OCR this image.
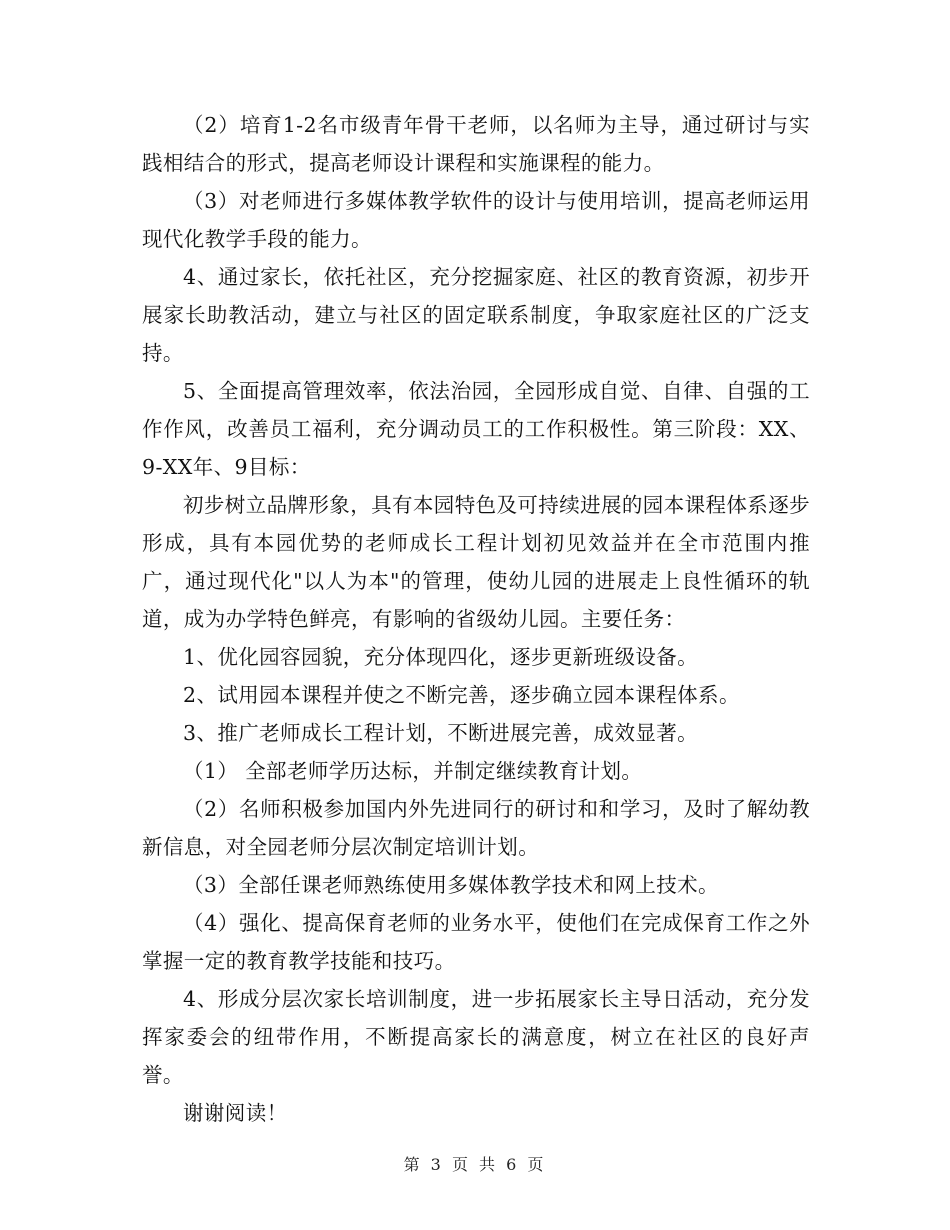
（2）培育1-2名市级青年骨干老师，以名师为主导，通过研讨与实践相结合的形式，提高老师设计课程和实施课程的能力。

（3）对老师进行多媒体教学软件的设计与使用培训，提高老师运用现代化教学手段的能力。

4、通过家长，依托社区，充分挖掘家庭、社区的教育资源，初步开展家长助教活动，建立与社区的固定联系制度，争取家庭社区的广泛支持。

5、全面提高管理效率，依法治园，全园形成自觉、自律、自强的工作作风，改善员工福利，充分调动员工的工作积极性。第三阶段：XX、9-XX年、9目标：

初步树立品牌形象，具有本园特色及可持续进展的园本课程体系逐步形成，具有本园优势的老师成长工程计划初见效益并在全市范围内推广，通过现代化"以人为本"的管理，使幼儿园的进展走上良性循环的轨道，成为办学特色鲜亮，有影响的省级幼儿园。主要任务：

1、优化园容园貌，充分体现四化，逐步更新班级设备。

2、试用园本课程并使之不断完善，逐步确立园本课程体系。

3、推广老师成长工程计划，不断进展完善，成效显著。

（1） 全部老师学历达标，并制定继续教育计划。

（2）名师积极参加国内外先进同行的研讨和和学习，及时了解幼教新信息，对全园老师分层次制定培训计划。

（3）全部任课老师熟练使用多媒体教学技术和网上技术。

（4）强化、提高保育老师的业务水平，使他们在完成保育工作之外掌握一定的教育教学技能和技巧。

4、形成分层次家长培训制度，进一步拓展家长主导日活动，充分发挥家委会的纽带作用，不断提高家长的满意度，树立在社区的良好声誉。

谢谢阅读！

第 3 页 共 6 页
